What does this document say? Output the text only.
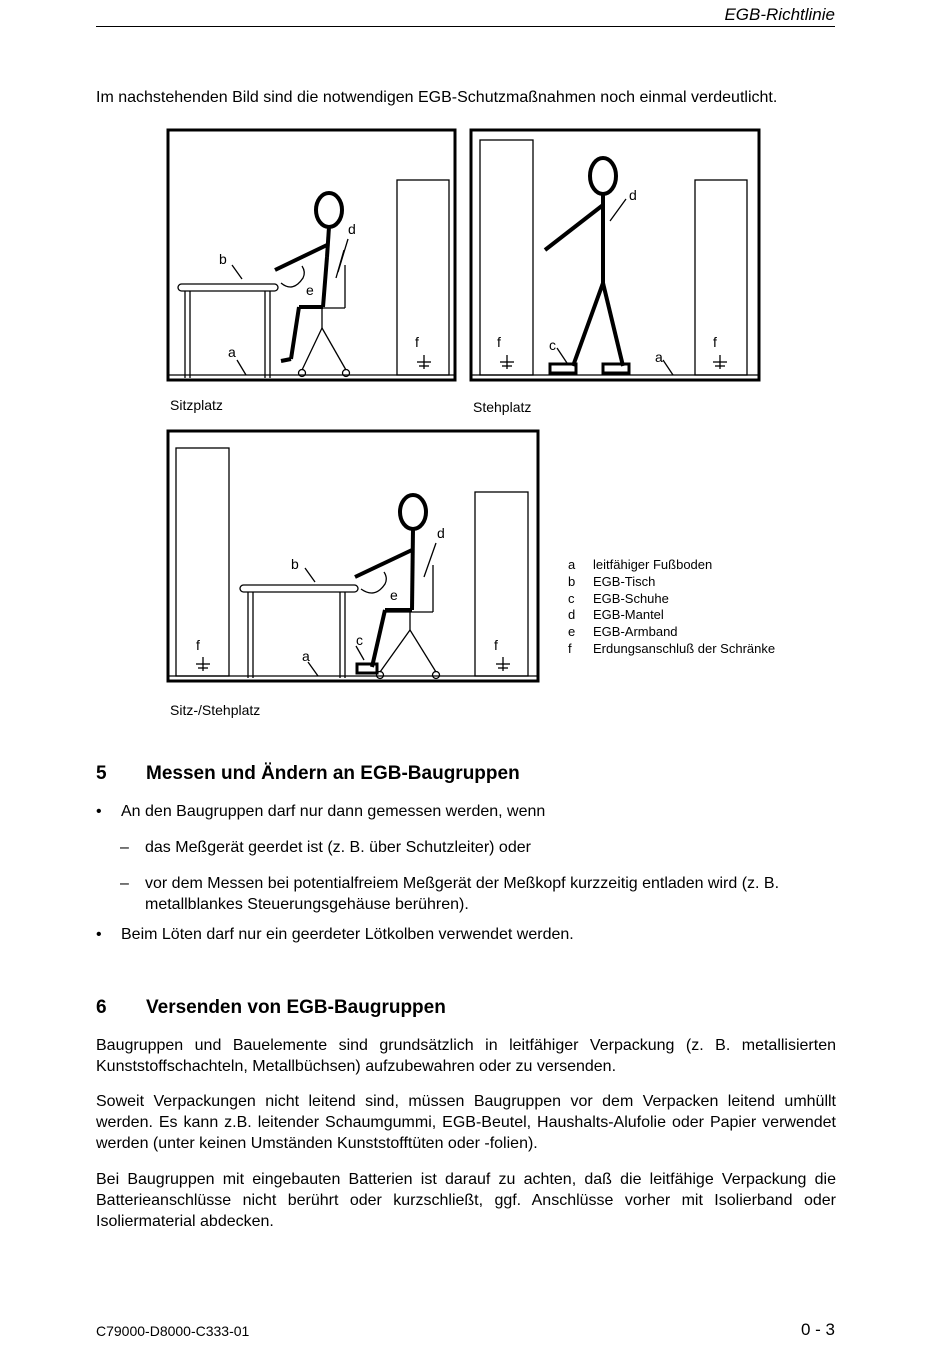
EGB-Richtlinie
Im nachstehenden Bild sind die notwendigen EGB-Schutzmaßnahmen noch einmal verdeutlicht.
b
a
d
e
f
d
f	c
a
f
d
b
e
c
a
f	f
Sitzplatz	Stehplatz
Sitz-/Stehplatz
a	leitfähiger Fußboden
b	EGB-Tisch
c	EGB-Schuhe
d	EGB-Mantel
e	EGB-Armband
f	Erdungsanschluß der Schränke
5 Messen und Ändern an EGB-Baugruppen
• An den Baugruppen darf nur dann gemessen werden, wenn
– das Meßgerät geerdet ist (z. B. über Schutzleiter) oder
– vor dem Messen bei potentialfreiem Meßgerät der Meßkopf kurzzeitig entladen wird (z. B. metallblankes Steuerungsgehäuse berühren).
• Beim Löten darf nur ein geerdeter Lötkolben verwendet werden.
6 Versenden von EGB-Baugruppen
Baugruppen und Bauelemente sind grundsätzlich in leitfähiger Verpackung (z. B. metallisierten Kunststoffschachteln, Metallbüchsen) aufzubewahren oder zu versenden.
Soweit Verpackungen nicht leitend sind, müssen Baugruppen vor dem Verpacken leitend umhüllt werden. Es kann z.B. leitender Schaumgummi, EGB-Beutel, Haushalts-Alufolie oder Papier verwendet werden (unter keinen Umständen Kunststofftüten oder -folien).
Bei Baugruppen mit eingebauten Batterien ist darauf zu achten, daß die leitfähige Verpackung die Batterieanschlüsse nicht berührt oder kurzschließt, ggf. Anschlüsse vorher mit Isolierband oder Isoliermaterial abdecken.
C79000-D8000-C333-01	0 - 3
